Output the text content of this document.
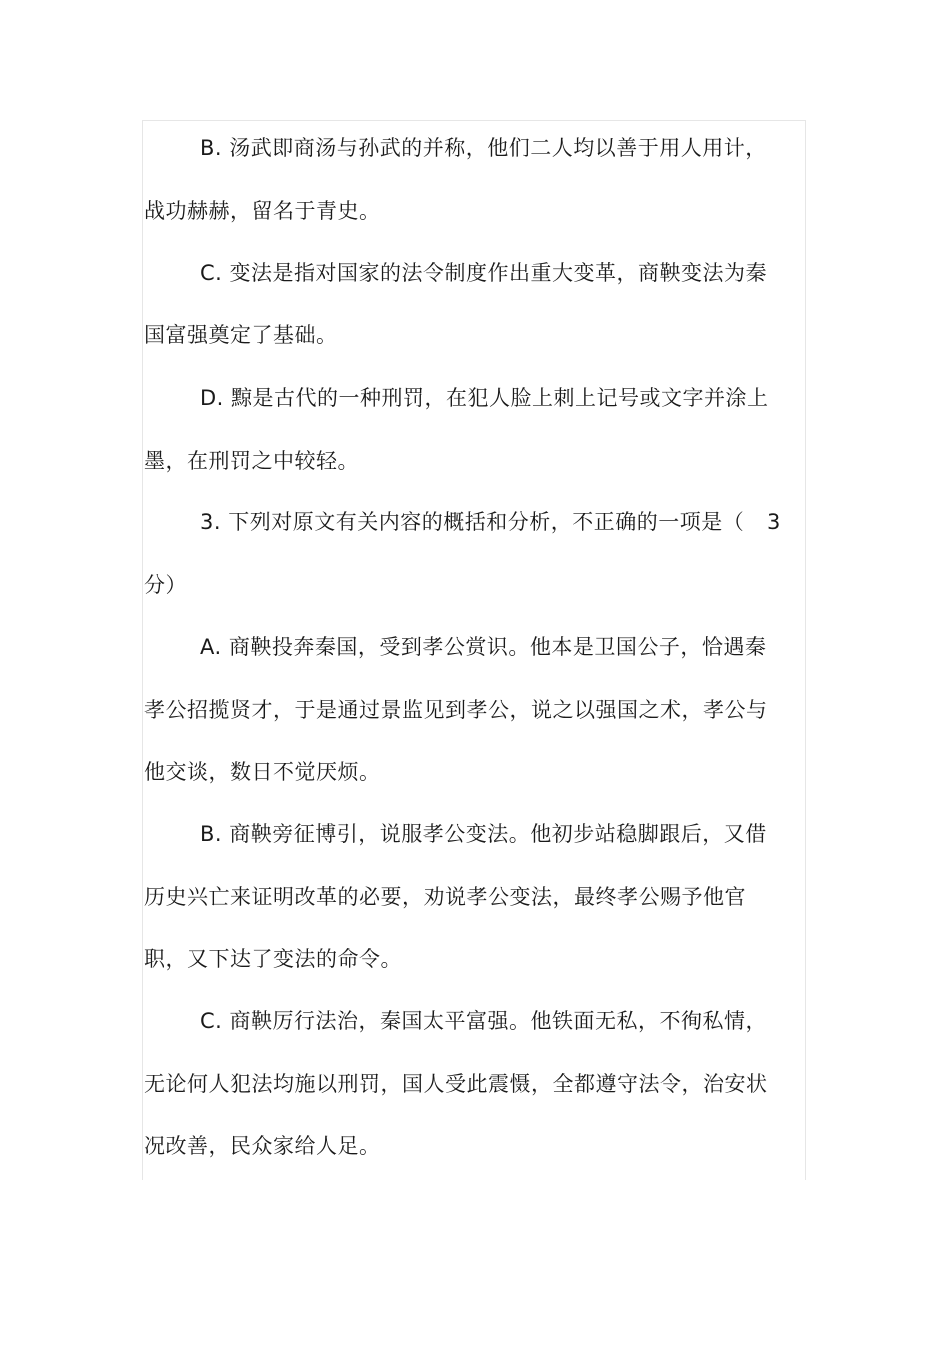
B. 汤武即商汤与孙武的并称，他们二人均以善于用人用计，
战功赫赫，留名于青史。
C. 变法是指对国家的法令制度作出重大变革，商鞅变法为秦
国富强奠定了基础。
D. 黥是古代的一种刑罚，在犯人脸上刺上记号或文字并涂上
墨，在刑罚之中较轻。
3. 下列对原文有关内容的概括和分析，不正确的一项是（ 3
分）
A. 商鞅投奔秦国，受到孝公赏识。他本是卫国公子，恰遇秦
孝公招揽贤才，于是通过景监见到孝公，说之以强国之术，孝公与
他交谈，数日不觉厌烦。
B. 商鞅旁征博引，说服孝公变法。他初步站稳脚跟后，又借
历史兴亡来证明改革的必要，劝说孝公变法，最终孝公赐予他官
职，又下达了变法的命令。
C. 商鞅厉行法治，秦国太平富强。他铁面无私，不徇私情，
无论何人犯法均施以刑罚，国人受此震慑，全都遵守法令，治安状
况改善，民众家给人足。
